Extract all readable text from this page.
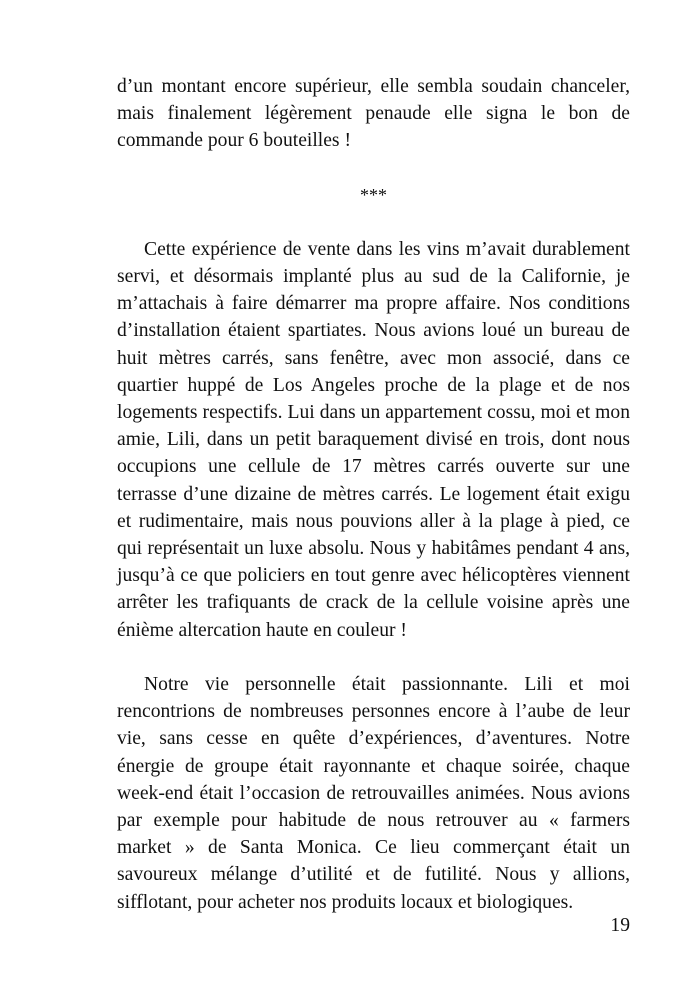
d’un montant encore supérieur, elle sembla soudain chanceler, mais finalement légèrement penaude elle signa le bon de commande pour 6 bouteilles !

***

Cette expérience de vente dans les vins m’avait durablement servi, et désormais implanté plus au sud de la Californie, je m’attachais à faire démarrer ma propre affaire. Nos conditions d’installation étaient spartiates. Nous avions loué un bureau de huit mètres carrés, sans fenêtre, avec mon associé, dans ce quartier huppé de Los Angeles proche de la plage et de nos logements respectifs. Lui dans un appartement cossu, moi et mon amie, Lili, dans un petit baraquement divisé en trois, dont nous occupions une cellule de 17 mètres carrés ouverte sur une terrasse d’une dizaine de mètres carrés. Le logement était exigu et rudimentaire, mais nous pouvions aller à la plage à pied, ce qui représentait un luxe absolu. Nous y habitâmes pendant 4 ans, jusqu’à ce que policiers en tout genre avec hélicoptères viennent arrêter les trafiquants de crack de la cellule voisine après une énième altercation haute en couleur !

Notre vie personnelle était passionnante. Lili et moi rencontrions de nombreuses personnes encore à l’aube de leur vie, sans cesse en quête d’expériences, d’aventures. Notre énergie de groupe était rayonnante et chaque soirée, chaque week-end était l’occasion de retrouvailles animées. Nous avions par exemple pour habitude de nous retrouver au « farmers market » de Santa Monica. Ce lieu commerçant était un savoureux mélange d’utilité et de futilité. Nous y allions, sifflotant, pour acheter nos produits locaux et biologiques.

19
